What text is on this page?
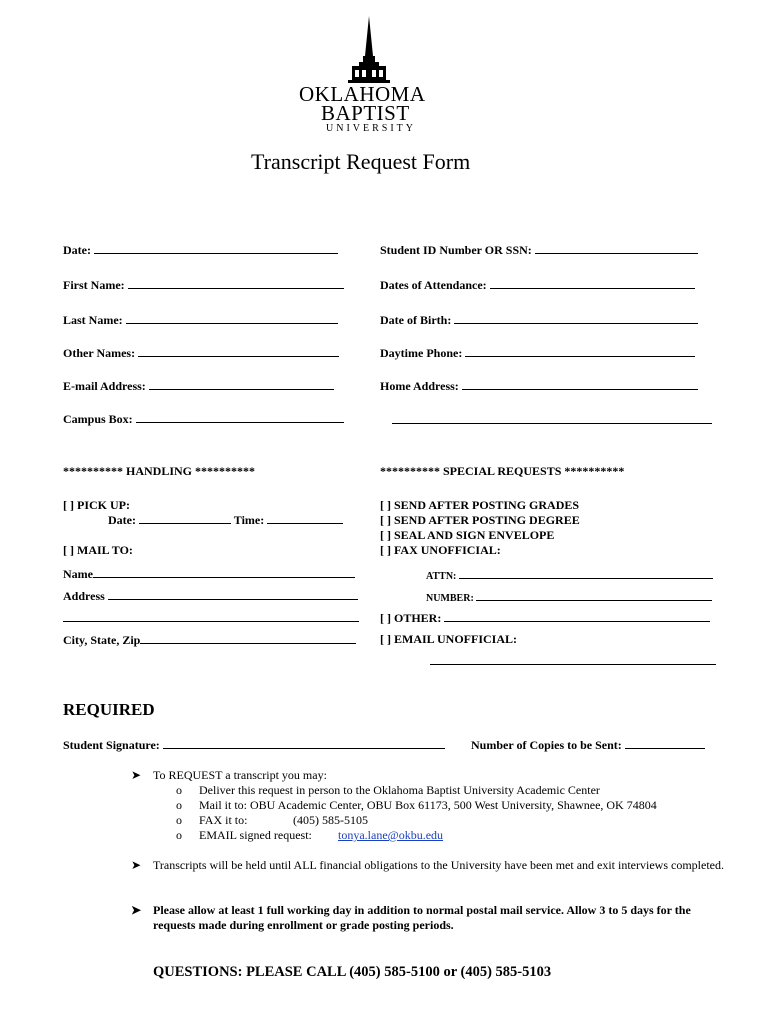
OKLAHOMA
BAPTIST
UNIVERSITY
Transcript Request Form
Date:
First Name:
Last Name:
Other Names:
E-mail Address:
Campus Box:
Student ID Number OR SSN:
Dates of Attendance:
Date of Birth:
Daytime Phone:
Home Address:
********** HANDLING **********
[ ] PICK UP:
Date:	Time:
[ ] MAIL TO:
Name
Address
City, State, Zip
********** SPECIAL REQUESTS **********
[ ] SEND AFTER POSTING GRADES
[ ] SEND AFTER POSTING DEGREE
[ ] SEAL AND SIGN ENVELOPE
[ ] FAX UNOFFICIAL:
ATTN:
NUMBER:
[ ] OTHER:
[ ] EMAIL UNOFFICIAL:
REQUIRED
Student Signature:	Number of Copies to be Sent:
➤ To REQUEST a transcript you may:
o Deliver this request in person to the Oklahoma Baptist University Academic Center
o Mail it to: OBU Academic Center, OBU Box 61173, 500 West University, Shawnee, OK 74804
o FAX it to:	(405) 585-5105
o EMAIL signed request: tonya.lane@okbu.edu
➤ Transcripts will be held until ALL financial obligations to the University have been met and exit interviews completed.
➤ Please allow at least 1 full working day in addition to normal postal mail service. Allow 3 to 5 days for the requests made during enrollment or grade posting periods.
QUESTIONS: PLEASE CALL (405) 585-5100 or (405) 585-5103
